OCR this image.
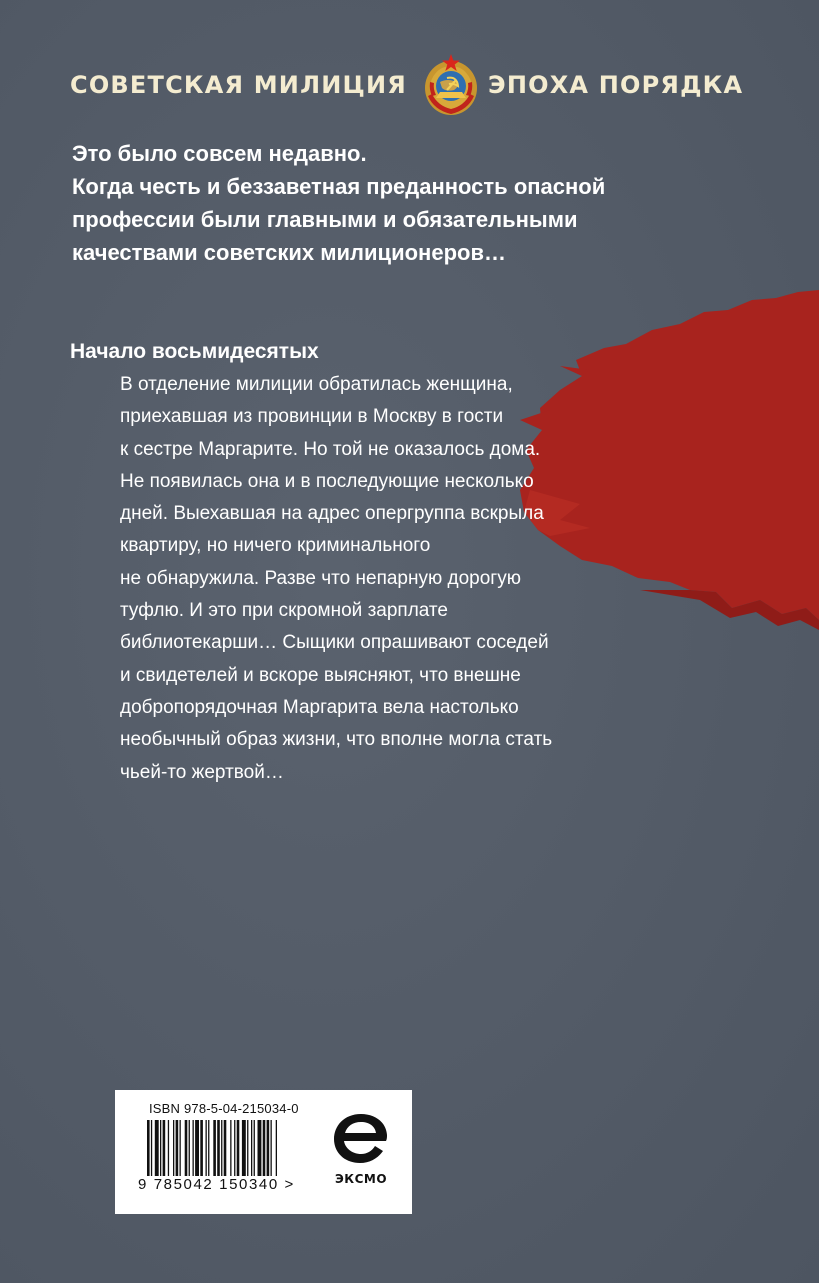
СОВЕТСКАЯ МИЛИЦИЯ	ЭПОХА ПОРЯДКА
Это было совсем недавно.
Когда честь и беззаветная преданность опасной
профессии были главными и обязательными
качествами советских милиционеров…
Начало восьмидесятых
В отделение милиции обратилась женщина,
приехавшая из провинции в Москву в гости
к сестре Маргарите. Но той не оказалось дома.
Не появилась она и в последующие несколько
дней. Выехавшая на адрес опергруппа вскрыла
квартиру, но ничего криминального
не обнаружила. Разве что непарную дорогую
туфлю. И это при скромной зарплате
библиотекарши… Сыщики опрашивают соседей
и свидетелей и вскоре выясняют, что внешне
добропорядочная Маргарита вела настолько
необычный образ жизни, что вполне могла стать
чьей-то жертвой…
ISBN 978-5-04-215034-0
9 785042 150340 >	ЭКСМО
